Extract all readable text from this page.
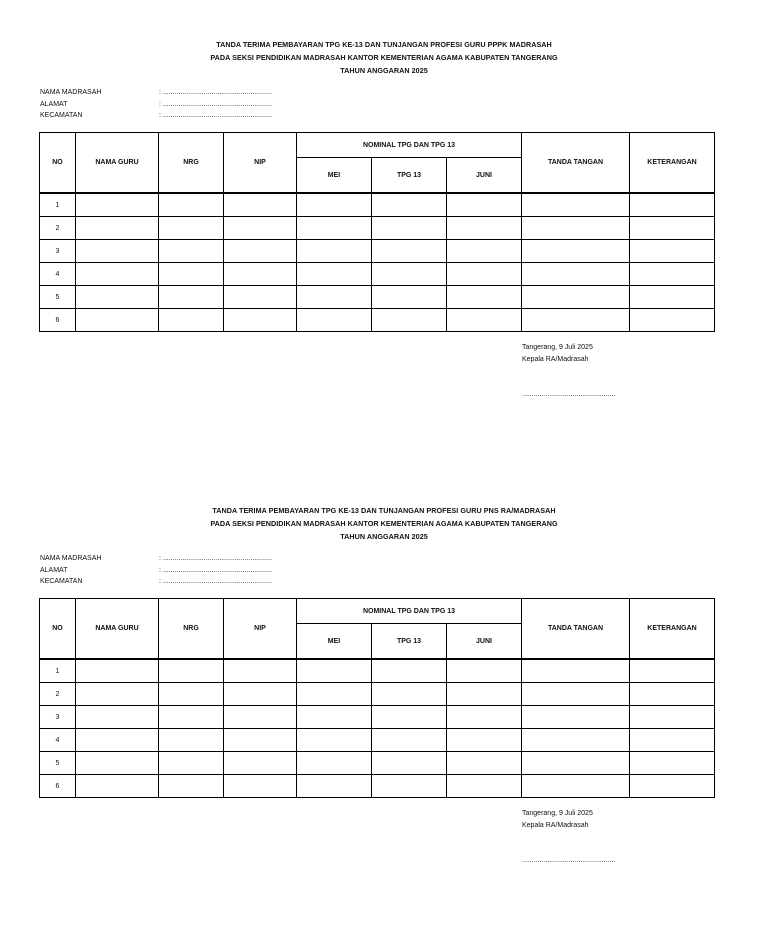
TANDA TERIMA PEMBAYARAN TPG KE-13 DAN TUNJANGAN PROFESI GURU PPPK MADRASAH
PADA SEKSI PENDIDIKAN MADRASAH KANTOR KEMENTERIAN AGAMA KABUPATEN TANGERANG
TAHUN ANGGARAN 2025
NAMA MADRASAH	: ........................................................
ALAMAT	: ........................................................
KECAMATAN	: ........................................................
NO	NAMA GURU	NRG	NIP	NOMINAL TPG DAN TPG 13			TANDA TANGAN	KETERANGAN
				MEI	TPG 13	JUNI		
1								
2								
3								
4								
5								
6								
Tangerang, 9 Juli 2025
Kepala RA/Madrasah
................................................
TANDA TERIMA PEMBAYARAN TPG KE-13 DAN TUNJANGAN PROFESI GURU PNS RA/MADRASAH
PADA SEKSI PENDIDIKAN MADRASAH KANTOR KEMENTERIAN AGAMA KABUPATEN TANGERANG
TAHUN ANGGARAN 2025
NAMA MADRASAH	: ........................................................
ALAMAT	: ........................................................
KECAMATAN	: ........................................................
NO	NAMA GURU	NRG	NIP	NOMINAL TPG DAN TPG 13			TANDA TANGAN	KETERANGAN
				MEI	TPG 13	JUNI		
1								
2								
3								
4								
5								
6								
Tangerang, 9 Juli 2025
Kepala RA/Madrasah
................................................
